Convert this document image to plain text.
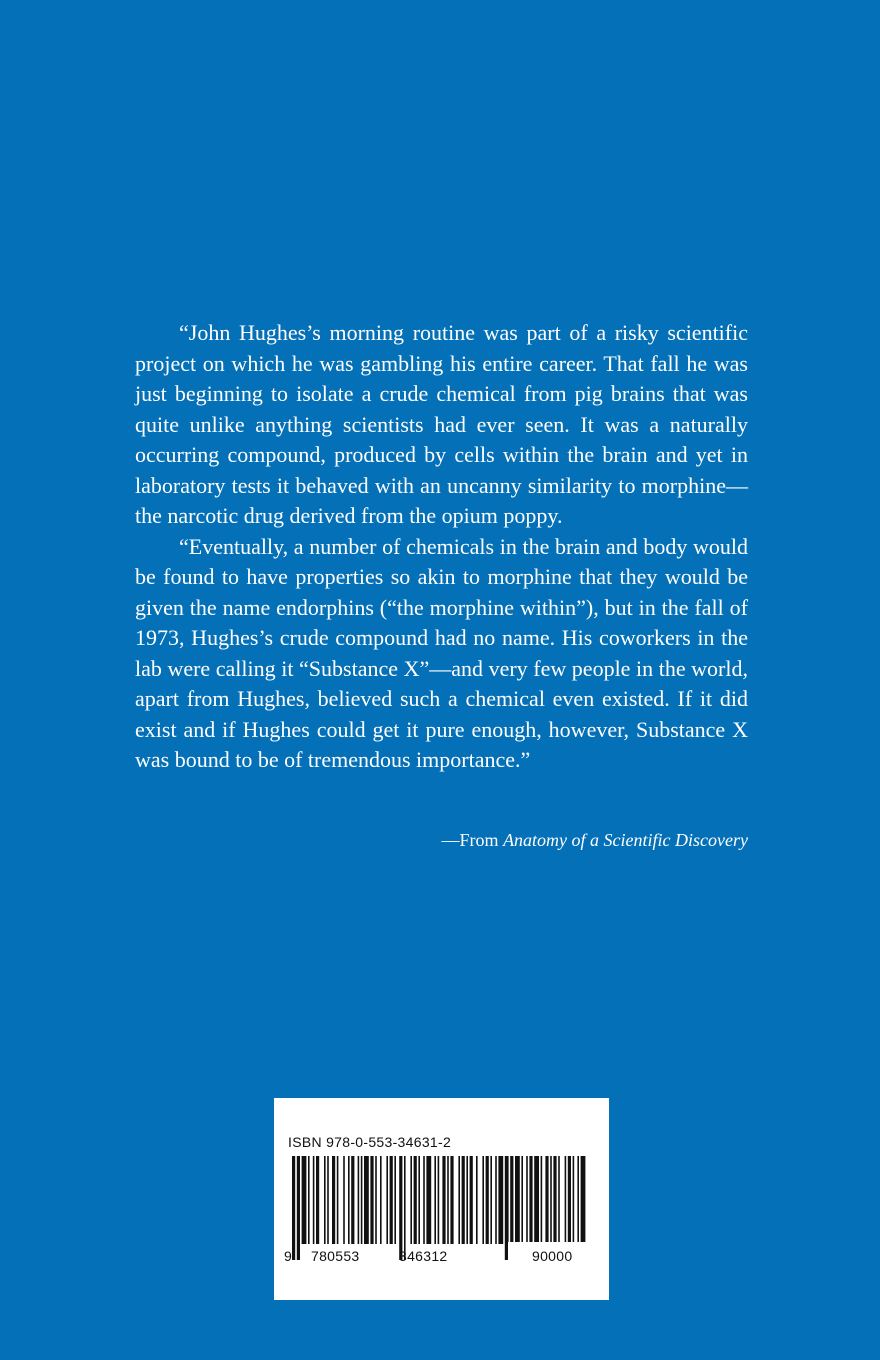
“John Hughes’s morning routine was part of a risky scientific project on which he was gambling his entire career. That fall he was just beginning to isolate a crude chemical from pig brains that was quite unlike anything scientists had ever seen. It was a naturally occurring compound, produced by cells within the brain and yet in laboratory tests it behaved with an uncanny similarity to morphine—the narcotic drug derived from the opium poppy.

“Eventually, a number of chemicals in the brain and body would be found to have properties so akin to morphine that they would be given the name endorphins (“the morphine within”), but in the fall of 1973, Hughes’s crude compound had no name. His coworkers in the lab were calling it “Substance X”—and very few people in the world, apart from Hughes, believed such a chemical even existed. If it did exist and if Hughes could get it pure enough, however, Substance X was bound to be of tremendous importance.”

—From Anatomy of a Scientific Discovery
ISBN 978-0-553-34631-2
9 780553	346312	90000
